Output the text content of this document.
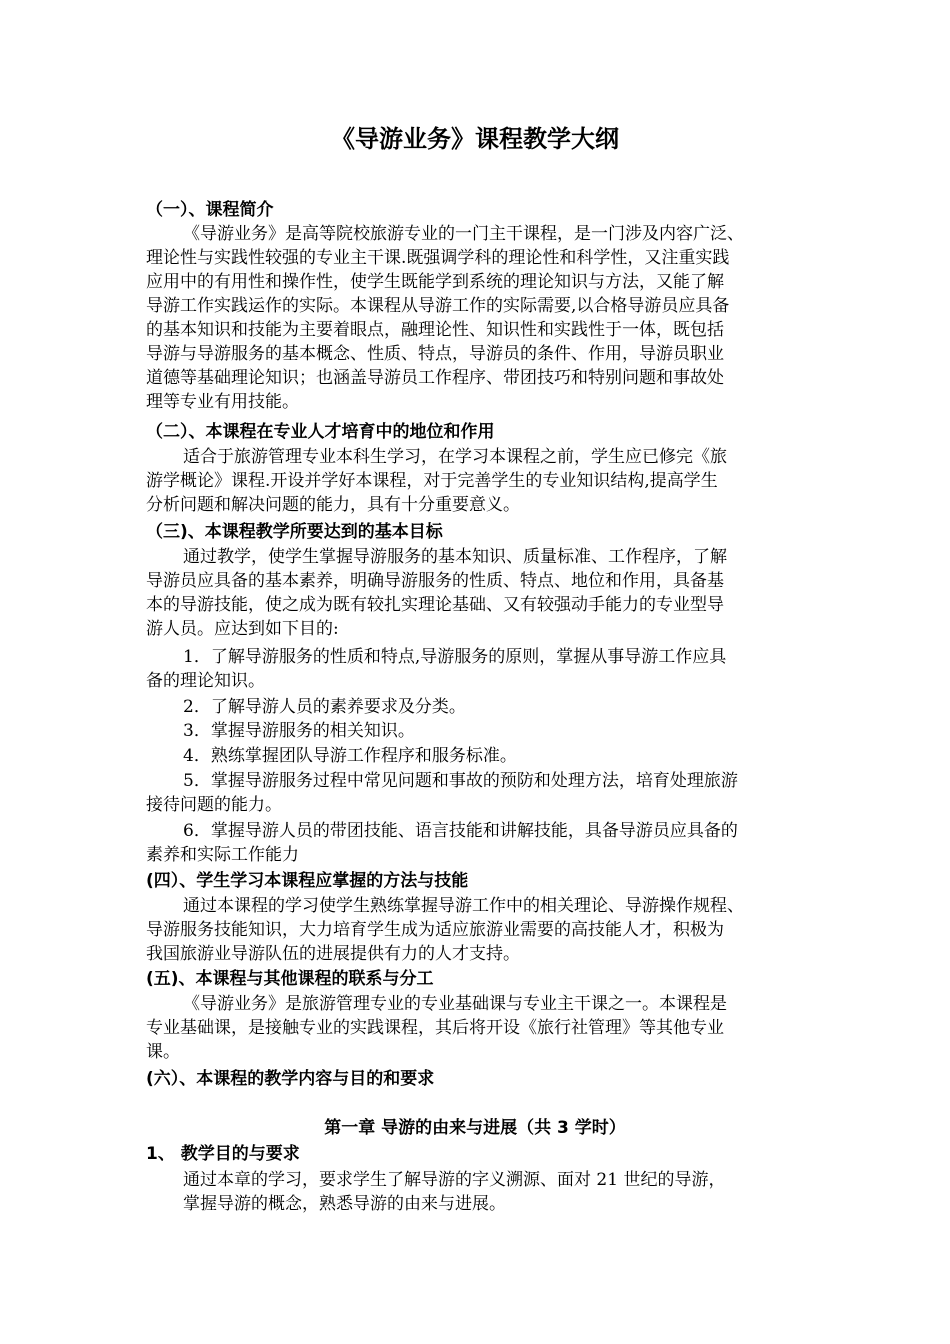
《导游业务》课程教学大纲
（一）、课程简介
《导游业务》是高等院校旅游专业的一门主干课程，是一门涉及内容广泛、
理论性与实践性较强的专业主干课.既强调学科的理论性和科学性，又注重实践
应用中的有用性和操作性，使学生既能学到系统的理论知识与方法，又能了解
导游工作实践运作的实际。本课程从导游工作的实际需要,以合格导游员应具备
的基本知识和技能为主要着眼点，融理论性、知识性和实践性于一体，既包括
导游与导游服务的基本概念、性质、特点，导游员的条件、作用，导游员职业
道德等基础理论知识；也涵盖导游员工作程序、带团技巧和特别问题和事故处
理等专业有用技能。
（二）、本课程在专业人才培育中的地位和作用
适合于旅游管理专业本科生学习，在学习本课程之前，学生应已修完《旅
游学概论》课程.开设并学好本课程，对于完善学生的专业知识结构,提高学生
分析问题和解决问题的能力，具有十分重要意义。
（三)、本课程教学所要达到的基本目标
通过教学，使学生掌握导游服务的基本知识、质量标准、工作程序，了解
导游员应具备的基本素养，明确导游服务的性质、特点、地位和作用，具备基
本的导游技能，使之成为既有较扎实理论基础、又有较强动手能力的专业型导
游人员。应达到如下目的:
1．了解导游服务的性质和特点,导游服务的原则，掌握从事导游工作应具
备的理论知识。
2．了解导游人员的素养要求及分类。
3．掌握导游服务的相关知识。
4．熟练掌握团队导游工作程序和服务标准。
5．掌握导游服务过程中常见问题和事故的预防和处理方法，培育处理旅游
接待问题的能力。
6．掌握导游人员的带团技能、语言技能和讲解技能，具备导游员应具备的
素养和实际工作能力
(四）、学生学习本课程应掌握的方法与技能
通过本课程的学习使学生熟练掌握导游工作中的相关理论、导游操作规程、
导游服务技能知识，大力培育学生成为适应旅游业需要的高技能人才，积极为
我国旅游业导游队伍的进展提供有力的人才支持。
(五)、本课程与其他课程的联系与分工
《导游业务》是旅游管理专业的专业基础课与专业主干课之一。本课程是
专业基础课，是接触专业的实践课程，其后将开设《旅行社管理》等其他专业
课。
(六）、本课程的教学内容与目的和要求
第一章 导游的由来与进展（共 3 学时）
1、 教学目的与要求
通过本章的学习，要求学生了解导游的字义溯源、面对 21 世纪的导游，
掌握导游的概念，熟悉导游的由来与进展。
